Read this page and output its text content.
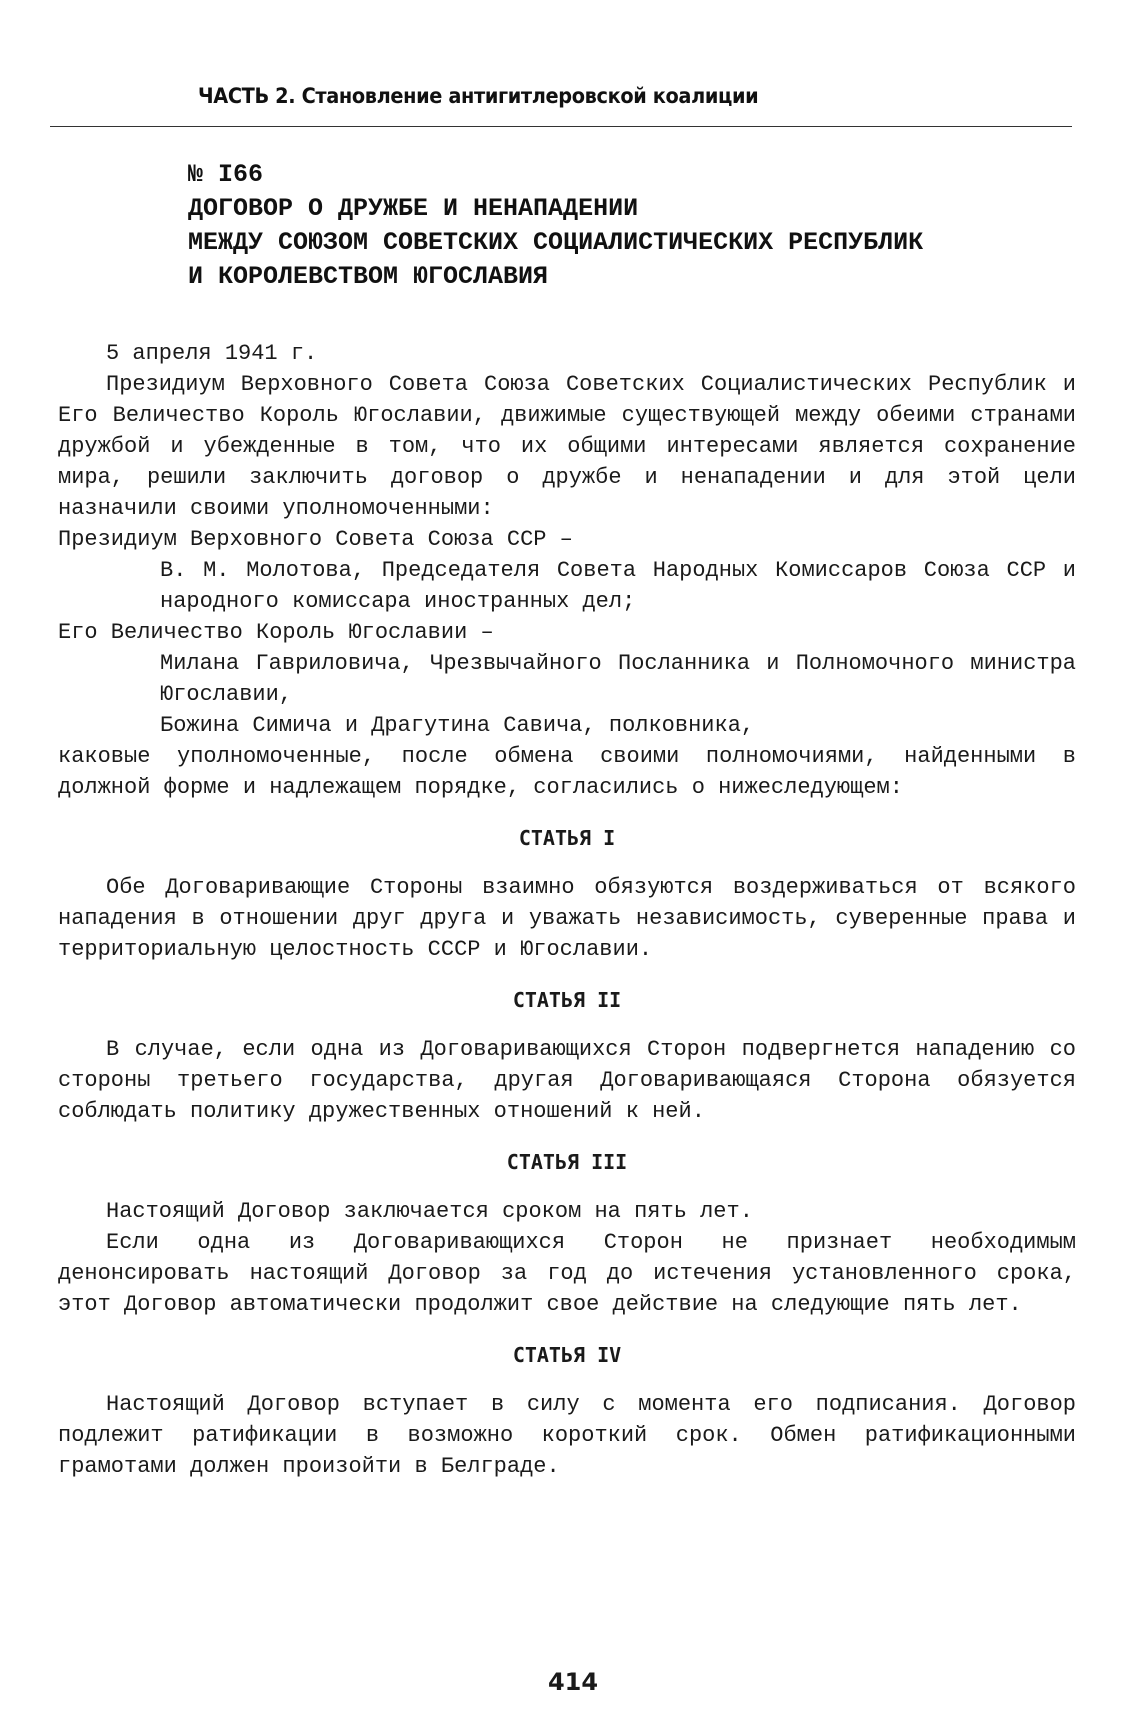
ЧАСТЬ 2. Становление антигитлеровской коалиции
№ I66
ДОГОВОР О ДРУЖБЕ И НЕНАПАДЕНИИ
МЕЖДУ СОЮЗОМ СОВЕТСКИХ СОЦИАЛИСТИЧЕСКИХ РЕСПУБЛИК
И КОРОЛЕВСТВОМ ЮГОСЛАВИЯ

5 апреля 1941 г.

Президиум Верховного Совета Союза Советских Социалистических Республик и Его Величество Король Югославии, движимые существующей между обеими странами дружбой и убежденные в том, что их общими интересами является сохранение мира, решили заключить договор о дружбе и ненападении и для этой цели назначили своими уполномоченными:

Президиум Верховного Совета Союза ССР –

В. М. Молотова, Председателя Совета Народных Комиссаров Союза ССР и народного комиссара иностранных дел;

Его Величество Король Югославии –

Милана Гавриловича, Чрезвычайного Посланника и Полномочного министра Югославии,

Божина Симича и Драгутина Савича, полковника,

каковые уполномоченные, после обмена своими полномочиями, найденными в должной форме и надлежащем порядке, согласились о нижеследующем:

СТАТЬЯ I

Обе Договаривающие Стороны взаимно обязуются воздерживаться от всякого нападения в отношении друг друга и уважать независимость, суверенные права и территориальную целостность СССР и Югославии.

СТАТЬЯ II

В случае, если одна из Договаривающихся Сторон подвергнется нападению со стороны третьего государства, другая Договаривающаяся Сторона обязуется соблюдать политику дружественных отношений к ней.

СТАТЬЯ III

Настоящий Договор заключается сроком на пять лет.

Если одна из Договаривающихся Сторон не признает необходимым денонсировать настоящий Договор за год до истечения установленного срока, этот Договор автоматически продолжит свое действие на следующие пять лет.

СТАТЬЯ IV

Настоящий Договор вступает в силу с момента его подписания. Договор подлежит ратификации в возможно короткий срок. Обмен ратификационными грамотами должен произойти в Белграде.

414
